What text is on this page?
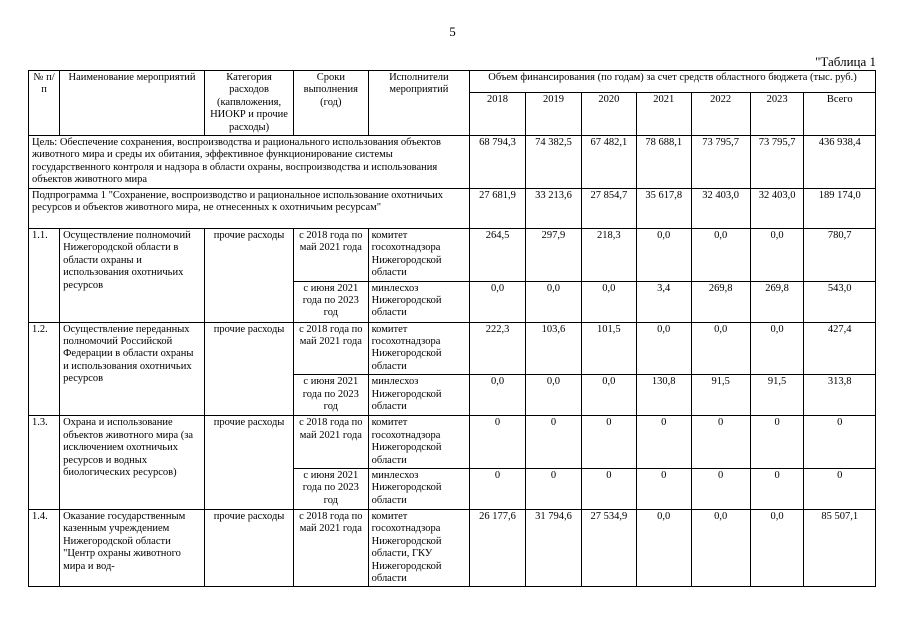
5
"Таблица 1
№ п/п	Наименование мероприятий	Категория расходов (капвложения, НИОКР и прочие расходы)	Сроки выполнения (год)	Исполнители мероприятий	Объем финансирования (по годам) за счет средств областного бюджета (тыс. руб.)						
					2018	2019	2020	2021	2022	2023	Всего
Цель: Обеспечение сохранения, воспроизводства и рационального использования объектов животного мира и среды их обитания, эффективное функционирование системы государственного контроля и надзора в области охраны, воспроизводства и использования объектов животного мира					68 794,3	74 382,5	67 482,1	78 688,1	73 795,7	73 795,7	436 938,4
Подпрограмма 1 "Сохранение, воспроизводство и рациональное использование охотничьих ресурсов и объектов животного мира, не отнесенных к охотничьим ресурсам"					27 681,9	33 213,6	27 854,7	35 617,8	32 403,0	32 403,0	189 174,0
1.1.	Осуществление полномочий Нижегородской области в области охраны и использования охотничьих ресурсов	прочие расходы	с 2018 года по май 2021 года	комитет госохотнадзора Нижегородской области	264,5	297,9	218,3	0,0	0,0	0,0	780,7
			с июня 2021 года по 2023 год	минлесхоз Нижегородской области	0,0	0,0	0,0	3,4	269,8	269,8	543,0
1.2.	Осуществление переданных полномочий Российской Федерации в области охраны и использования охотничьих ресурсов	прочие расходы	с 2018 года по май 2021 года	комитет госохотнадзора Нижегородской области	222,3	103,6	101,5	0,0	0,0	0,0	427,4
			с июня 2021 года по 2023 год	минлесхоз Нижегородской области	0,0	0,0	0,0	130,8	91,5	91,5	313,8
1.3.	Охрана и использование объектов животного мира (за исключением охотничьих ресурсов и водных биологических ресурсов)	прочие расходы	с 2018 года по май 2021 года	комитет госохотнадзора Нижегородской области	0	0	0	0	0	0	0
			с июня 2021 года по 2023 год	минлесхоз Нижегородской области	0	0	0	0	0	0	0
1.4.	Оказание государственным казенным учреждением Нижегородской области "Центр охраны животного мира и вод-	прочие расходы	с 2018 года по май 2021 года	комитет госохотнадзора Нижегородской области, ГКУ Нижегородской области	26 177,6	31 794,6	27 534,9	0,0	0,0	0,0	85 507,1
